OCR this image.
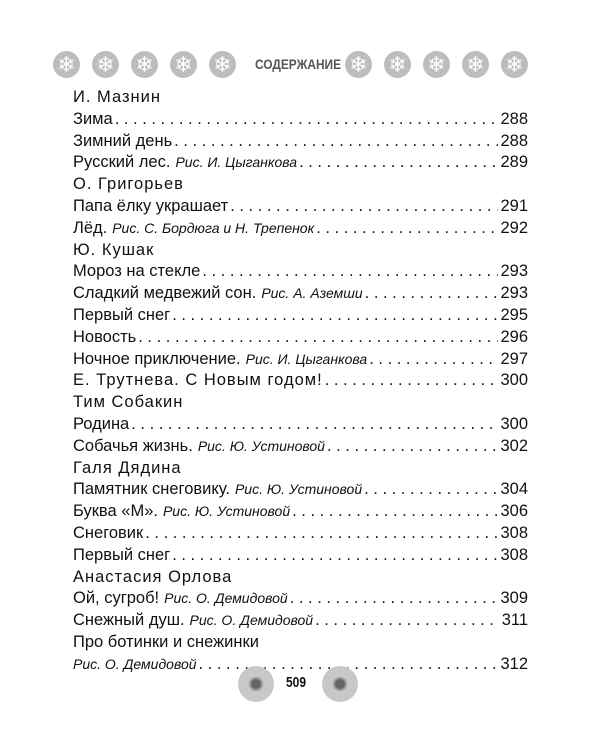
СОДЕРЖАНИЕ
❄ ❄ ❄ ❄ ❄	❄ ❄ ❄ ❄ ❄
И. Мазнин
Зима
. . .	288
Зимний день
. . .	288
Русский лес. Рис. И. Цыганкова
. . .	289
О. Григорьев
Папа ёлку украшает
. . .	291
Лёд. Рис. С. Бордюга и Н. Трепенок
. . .	292
Ю. Кушак
Мороз на стекле
. . .	293
Сладкий медвежий сон. Рис. А. Аземши
. . .	293
Первый снег
. . .	295
Новость
. . .	296
Ночное приключение. Рис. И. Цыганкова
. . .	297
Е. Трутнева. С Новым годом!
. . .	300
Тим Собакин
Родина
. . .	300
Собачья жизнь. Рис. Ю. Устиновой
. . .	302
Галя Дядина
Памятник снеговику. Рис. Ю. Устиновой
. . .	304
Буква «М». Рис. Ю. Устиновой
. . .	306
Снеговик
. . .	308
Первый снег
. . .	308
Анастасия Орлова
Ой, сугроб! Рис. О. Демидовой
. . .	309
Снежный душ. Рис. О. Демидовой
. . .	311
Про ботинки и снежинки
Рис. О. Демидовой
. . .	312
509
